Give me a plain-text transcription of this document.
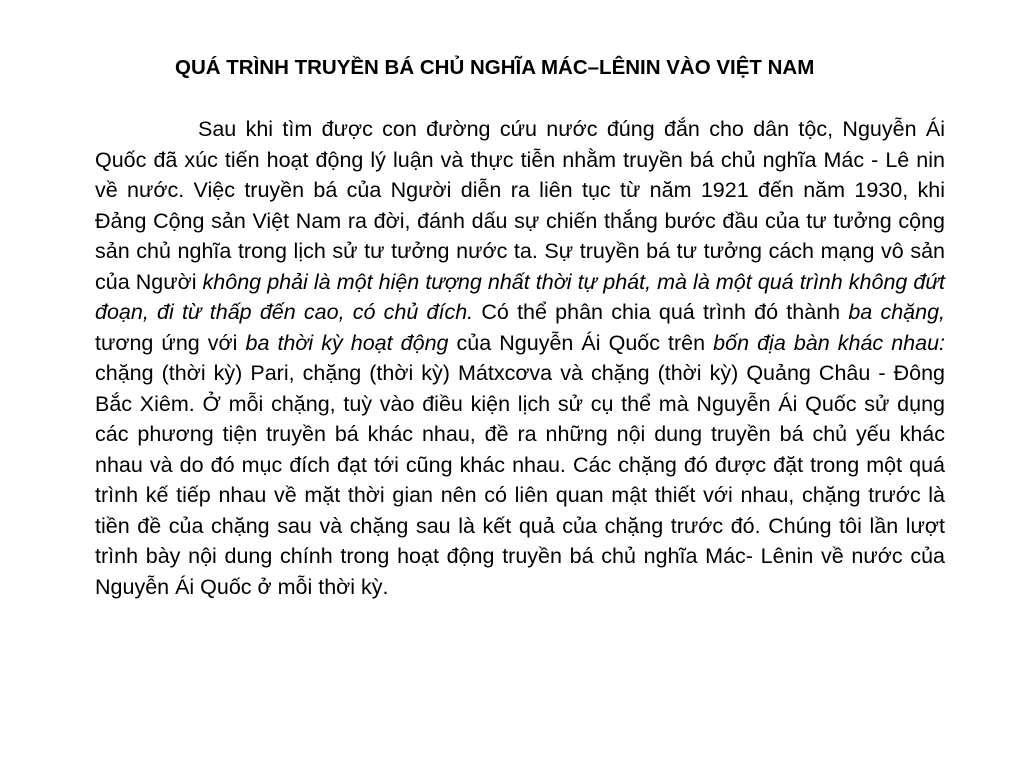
QUÁ TRÌNH TRUYỀN BÁ CHỦ NGHĨA MÁC–LÊNIN VÀO VIỆT NAM

Sau khi tìm được con đường cứu nước đúng đắn cho dân tộc, Nguyễn Ái Quốc đã xúc tiến hoạt động lý luận và thực tiễn nhằm truyền bá chủ nghĩa Mác - Lê nin về nước. Việc truyền bá của Người diễn ra liên tục từ năm 1921 đến năm 1930, khi Đảng Cộng sản Việt Nam ra đời, đánh dấu sự chiến thắng bước đầu của tư tưởng cộng sản chủ nghĩa trong lịch sử tư tưởng nước ta. Sự truyền bá tư tưởng cách mạng vô sản của Người không phải là một hiện tượng nhất thời tự phát, mà là một quá trình không đứt đoạn, đi từ thấp đến cao, có chủ đích. Có thể phân chia quá trình đó thành ba chặng, tương ứng với ba thời kỳ hoạt động của Nguyễn Ái Quốc trên bốn địa bàn khác nhau: chặng (thời kỳ) Pari, chặng (thời kỳ) Mátxcơva và chặng (thời kỳ) Quảng Châu - Đông Bắc Xiêm. Ở mỗi chặng, tuỳ vào điều kiện lịch sử cụ thể mà Nguyễn Ái Quốc sử dụng các phương tiện truyền bá khác nhau, đề ra những nội dung truyền bá chủ yếu khác nhau và do đó mục đích đạt tới cũng khác nhau. Các chặng đó được đặt trong một quá trình kế tiếp nhau về mặt thời gian nên có liên quan mật thiết với nhau, chặng trước là tiền đề của chặng sau và chặng sau là kết quả của chặng trước đó. Chúng tôi lần lượt trình bày nội dung chính trong hoạt động truyền bá chủ nghĩa Mác- Lênin về nước của Nguyễn Ái Quốc ở mỗi thời kỳ.
